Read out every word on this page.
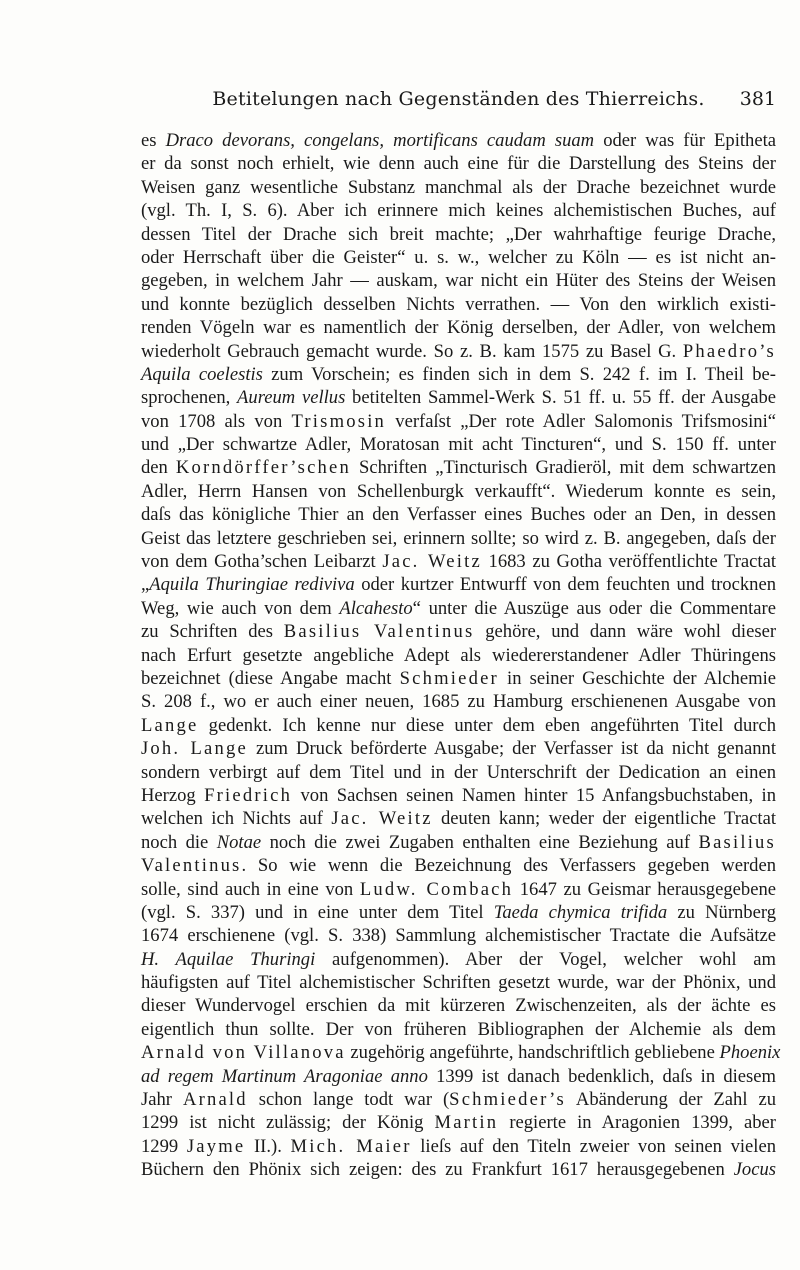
Betitelungen nach Gegenständen des Thierreichs.	381
es Draco devorans, congelans, mortificans caudam suam oder was für Epitheta
er da sonst noch erhielt, wie denn auch eine für die Darstellung des Steins der
Weisen ganz wesentliche Substanz manchmal als der Drache bezeichnet wurde
(vgl. Th. I, S. 6). Aber ich erinnere mich keines alchemistischen Buches, auf
dessen Titel der Drache sich breit machte; „Der wahrhaftige feurige Drache,
oder Herrschaft über die Geister“ u. s. w., welcher zu Köln — es ist nicht an-
gegeben, in welchem Jahr — auskam, war nicht ein Hüter des Steins der Weisen
und konnte bezüglich desselben Nichts verrathen. — Von den wirklich existi-
renden Vögeln war es namentlich der König derselben, der Adler, von welchem
wiederholt Gebrauch gemacht wurde. So z. B. kam 1575 zu Basel G. Phaedro’s
Aquila coelestis zum Vorschein; es finden sich in dem S. 242 f. im I. Theil be-
sprochenen, Aureum vellus betitelten Sammel-Werk S. 51 ff. u. 55 ff. der Ausgabe
von 1708 als von Trismosin verfaſst „Der rote Adler Salomonis Trifsmosini“
und „Der schwartze Adler, Moratosan mit acht Tincturen“, und S. 150 ff. unter
den Korndörffer’schen Schriften „Tincturisch Gradieröl, mit dem schwartzen
Adler, Herrn Hansen von Schellenburgk verkaufft“. Wiederum konnte es sein,
daſs das königliche Thier an den Verfasser eines Buches oder an Den, in dessen
Geist das letztere geschrieben sei, erinnern sollte; so wird z. B. angegeben, daſs der
von dem Gotha’schen Leibarzt Jac. Weitz 1683 zu Gotha veröffentlichte Tractat
„Aquila Thuringiae rediviva oder kurtzer Entwurff von dem feuchten und trocknen
Weg, wie auch von dem Alcahesto“ unter die Auszüge aus oder die Commentare
zu Schriften des Basilius Valentinus gehöre, und dann wäre wohl dieser
nach Erfurt gesetzte angebliche Adept als wiedererstandener Adler Thüringens
bezeichnet (diese Angabe macht Schmieder in seiner Geschichte der Alchemie
S. 208 f., wo er auch einer neuen, 1685 zu Hamburg erschienenen Ausgabe von
Lange gedenkt. Ich kenne nur diese unter dem eben angeführten Titel durch
Joh. Lange zum Druck beförderte Ausgabe; der Verfasser ist da nicht genannt
sondern verbirgt auf dem Titel und in der Unterschrift der Dedication an einen
Herzog Friedrich von Sachsen seinen Namen hinter 15 Anfangsbuchstaben, in
welchen ich Nichts auf Jac. Weitz deuten kann; weder der eigentliche Tractat
noch die Notae noch die zwei Zugaben enthalten eine Beziehung auf Basilius
Valentinus. So wie wenn die Bezeichnung des Verfassers gegeben werden
solle, sind auch in eine von Ludw. Combach 1647 zu Geismar herausgegebene
(vgl. S. 337) und in eine unter dem Titel Taeda chymica trifida zu Nürnberg
1674 erschienene (vgl. S. 338) Sammlung alchemistischer Tractate die Aufsätze
H. Aquilae Thuringi aufgenommen). Aber der Vogel, welcher wohl am
häufigsten auf Titel alchemistischer Schriften gesetzt wurde, war der Phönix, und
dieser Wundervogel erschien da mit kürzeren Zwischenzeiten, als der ächte es
eigentlich thun sollte. Der von früheren Bibliographen der Alchemie als dem
Arnald von Villanova zugehörig angeführte, handschriftlich gebliebene Phoenix
ad regem Martinum Aragoniae anno 1399 ist danach bedenklich, daſs in diesem
Jahr Arnald schon lange todt war (Schmieder’s Abänderung der Zahl zu
1299 ist nicht zulässig; der König Martin regierte in Aragonien 1399, aber
1299 Jayme II.). Mich. Maier lieſs auf den Titeln zweier von seinen vielen
Büchern den Phönix sich zeigen: des zu Frankfurt 1617 herausgegebenen Jocus
